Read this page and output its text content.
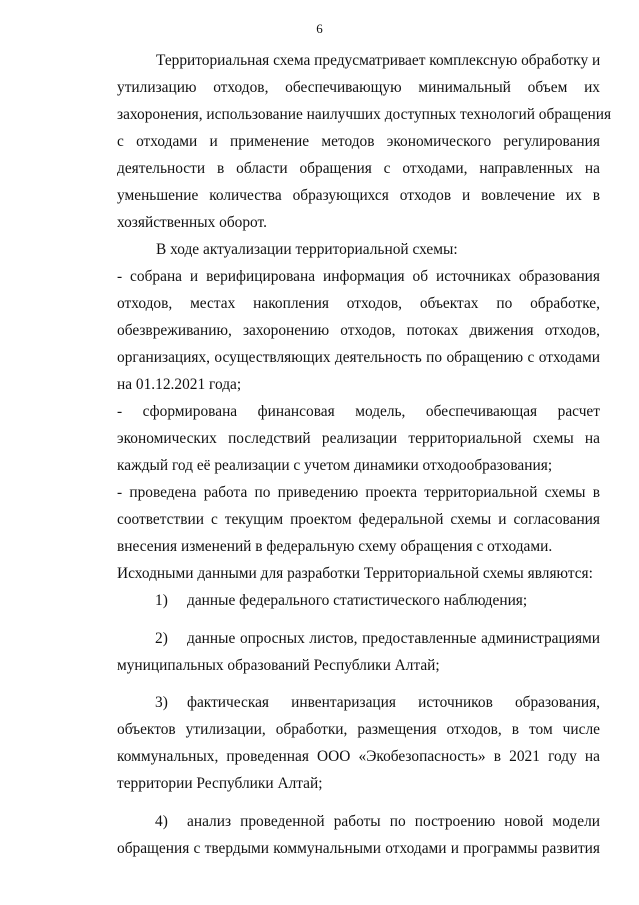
6
Территориальная схема предусматривает комплексную обработку и
утилизацию отходов, обеспечивающую минимальный объем их
захоронения, использование наилучших доступных технологий обращения
с отходами и применение методов экономического регулирования
деятельности в области обращения с отходами, направленных на
уменьшение количества образующихся отходов и вовлечение их в
хозяйственных оборот.
В ходе актуализации территориальной схемы:
- собрана и верифицирована информация об источниках образования
отходов, местах накопления отходов, объектах по обработке,
обезвреживанию, захоронению отходов, потоках движения отходов,
организациях, осуществляющих деятельность по обращению с отходами
на 01.12.2021 года;
- сформирована финансовая модель, обеспечивающая расчет
экономических последствий реализации территориальной схемы на
каждый год её реализации с учетом динамики отходообразования;
- проведена работа по приведению проекта территориальной схемы в
соответствии с текущим проектом федеральной схемы и согласования
внесения изменений в федеральную схему обращения с отходами.
Исходными данными для разработки Территориальной схемы являются:
1) данные федерального статистического наблюдения;
2) данные опросных листов, предоставленные администрациями
муниципальных образований Республики Алтай;
3) фактическая инвентаризация источников образования,
объектов утилизации, обработки, размещения отходов, в том числе
коммунальных, проведенная ООО «Экобезопасность» в 2021 году на
территории Республики Алтай;
4) анализ проведенной работы по построению новой модели
обращения с твердыми коммунальными отходами и программы развития
